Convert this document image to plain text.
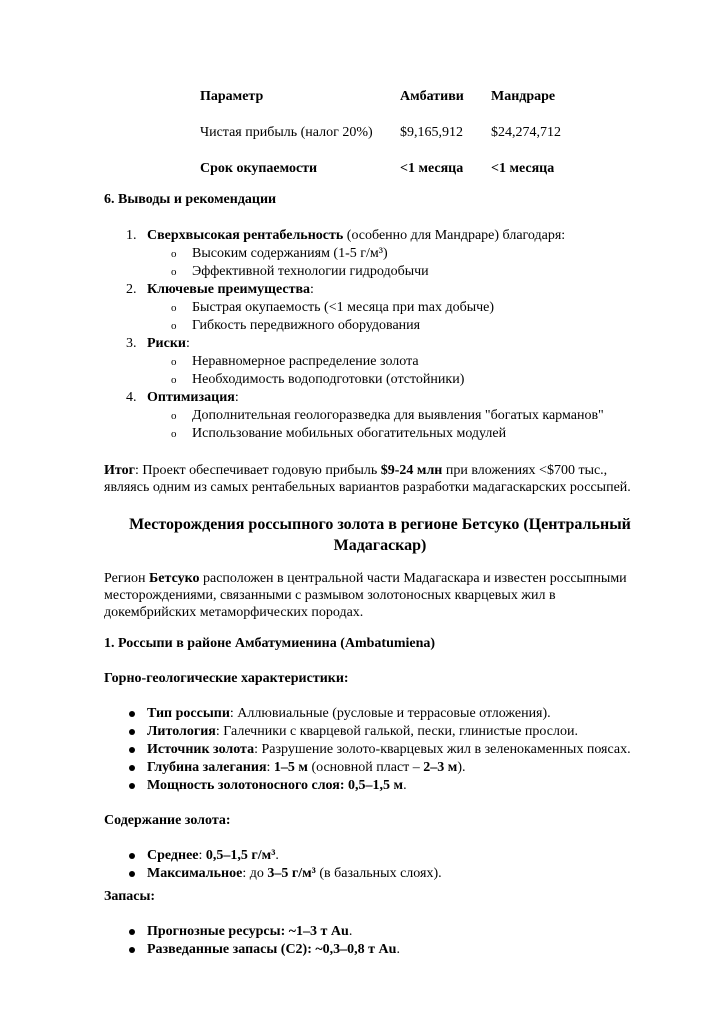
Параметр	Амбативи	Мандраре
Чистая прибыль (налог 20%)	$9,165,912	$24,274,712
Срок окупаемости	<1 месяца	<1 месяца
6. Выводы и рекомендации
1. Сверхвысокая рентабельность (особенно для Мандраре) благодаря:
o Высоким содержаниям (1-5 г/м³)
o Эффективной технологии гидродобычи
2. Ключевые преимущества:
o Быстрая окупаемость (<1 месяца при max добыче)
o Гибкость передвижного оборудования
3. Риски:
o Неравномерное распределение золота
o Необходимость водоподготовки (отстойники)
4. Оптимизация:
o Дополнительная геологоразведка для выявления "богатых карманов"
o Использование мобильных обогатительных модулей
Итог: Проект обеспечивает годовую прибыль $9-24 млн при вложениях <$700 тыс.,
являясь одним из самых рентабельных вариантов разработки мадагаскарских россыпей.
Месторождения россыпного золота в регионе Бетсуко (Центральный
Мадагаскар)
Регион Бетсуко расположен в центральной части Мадагаскара и известен россыпными
месторождениями, связанными с размывом золотоносных кварцевых жил в
докембрийских метаморфических породах.
1. Россыпи в районе Амбатумиенина (Ambatumiena)
Горно-геологические характеристики:
Тип россыпи: Аллювиальные (русловые и террасовые отложения).
Литология: Галечники с кварцевой галькой, пески, глинистые прослои.
Источник золота: Разрушение золото-кварцевых жил в зеленокаменных поясах.
Глубина залегания: 1–5 м (основной пласт – 2–3 м).
Мощность золотоносного слоя: 0,5–1,5 м.
Содержание золота:
Среднее: 0,5–1,5 г/м³.
Максимальное: до 3–5 г/м³ (в базальных слоях).
Запасы:
Прогнозные ресурсы: ~1–3 т Au.
Разведанные запасы (С2): ~0,3–0,8 т Au.
